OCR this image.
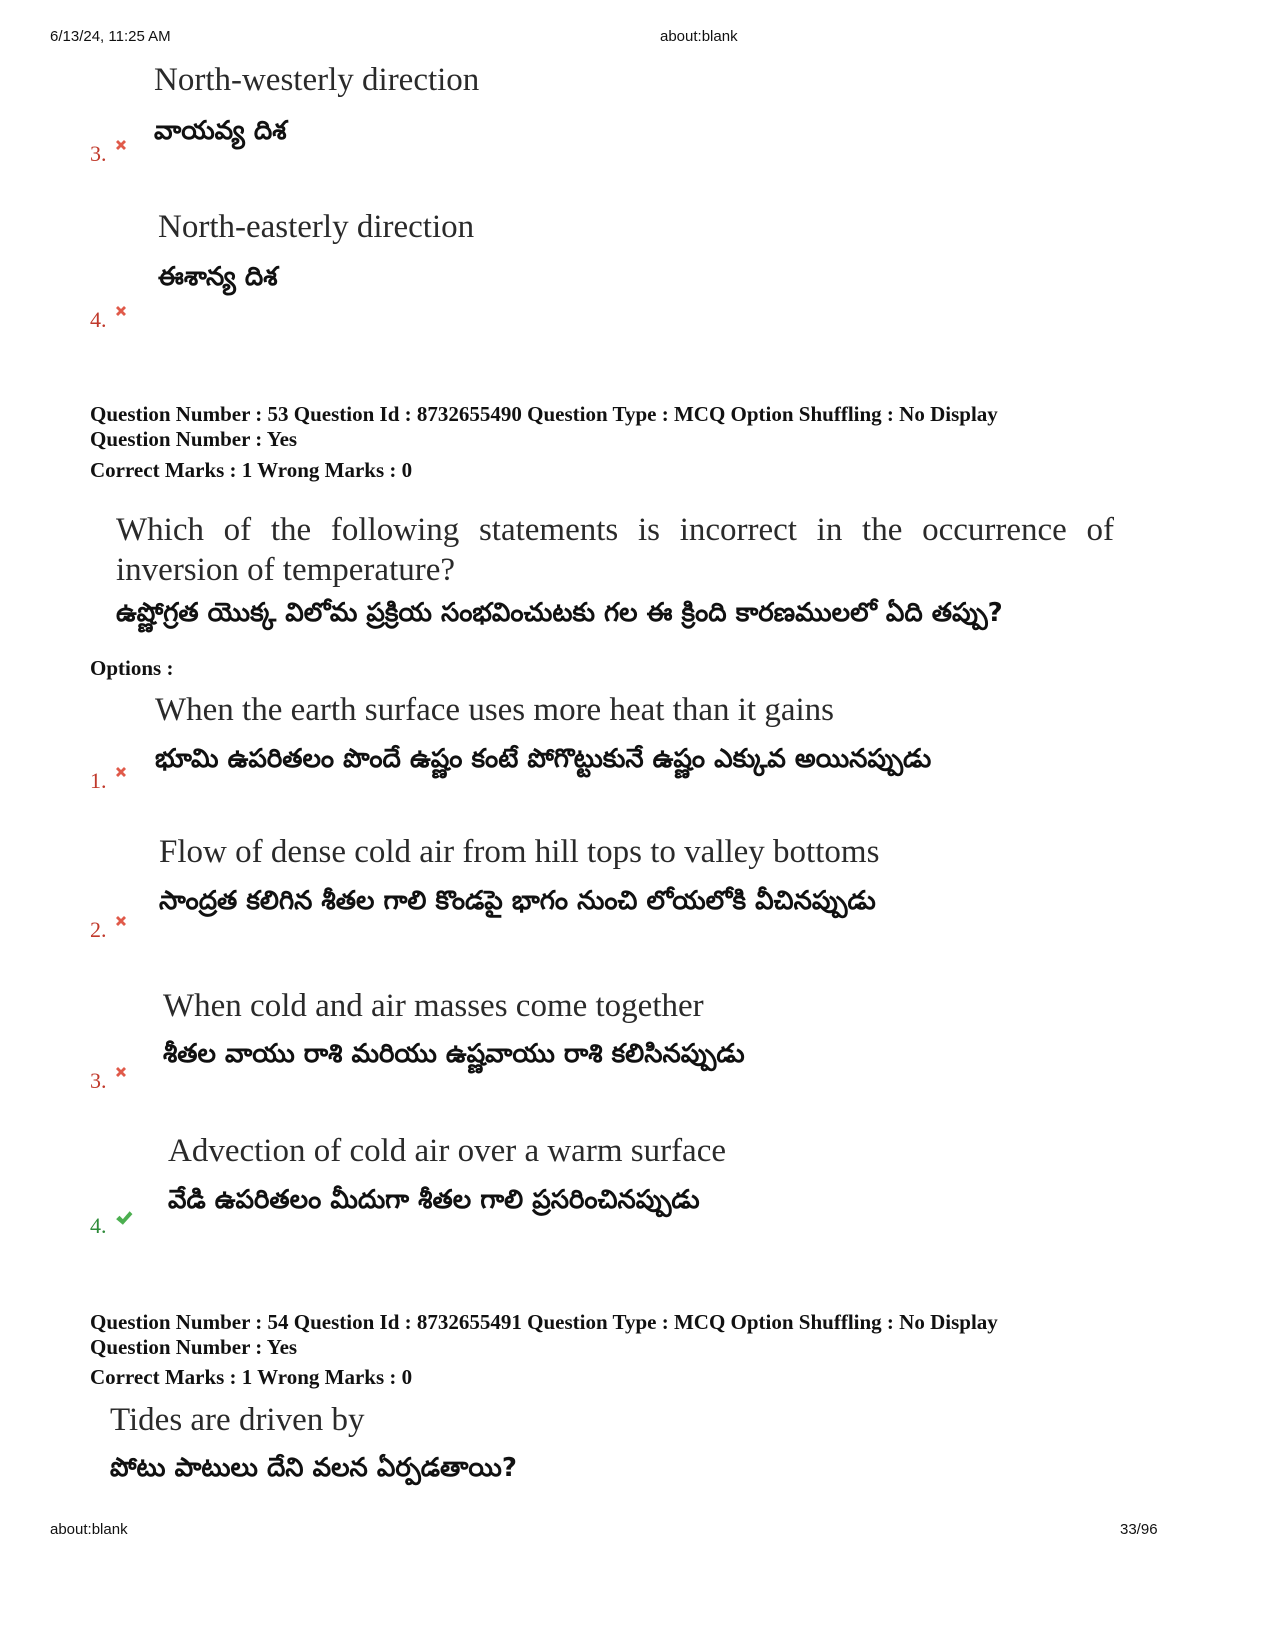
6/13/24, 11:25 AM	about:blank
North-westerly direction
వాయవ్య దిశ
3.
North-easterly direction
ఈశాన్య దిశ
4.
Question Number : 53 Question Id : 8732655490 Question Type : MCQ Option Shuffling : No Display
Question Number : Yes
Correct Marks : 1 Wrong Marks : 0
Which of the following statements is incorrect in the occurrence of inversion of temperature?
ఉష్ణోగ్రత యొక్క విలోమ ప్రక్రియ సంభవించుటకు గల ఈ క్రింది కారణములలో ఏది తప్పు?
Options :
When the earth surface uses more heat than it gains
భూమి ఉపరితలం పొందే ఉష్ణం కంటే పోగొట్టుకునే ఉష్ణం ఎక్కువ అయినప్పుడు
1.
Flow of dense cold air from hill tops to valley bottoms
సాంద్రత కలిగిన శీతల గాలి కొండపై భాగం నుంచి లోయలోకి వీచినప్పుడు
2.
When cold and air masses come together
శీతల వాయు రాశి మరియు ఉష్ణవాయు రాశి కలిసినప్పుడు
3.
Advection of cold air over a warm surface
వేడి ఉపరితలం మీదుగా శీతల గాలి ప్రసరించినప్పుడు
4.
Question Number : 54 Question Id : 8732655491 Question Type : MCQ Option Shuffling : No Display
Question Number : Yes
Correct Marks : 1 Wrong Marks : 0
Tides are driven by
పోటు పాటులు దేని వలన ఏర్పడతాయి?
about:blank	33/96
